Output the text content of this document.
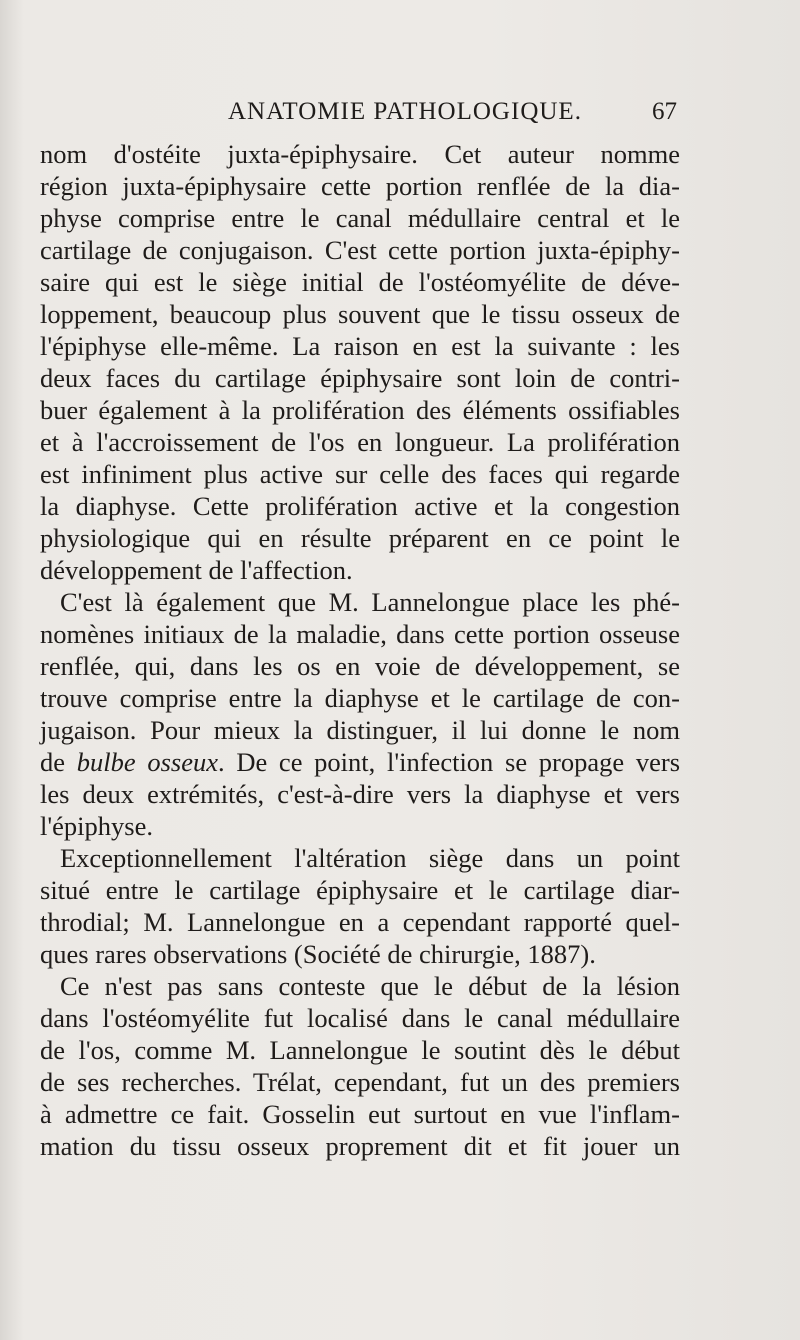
ANATOMIE PATHOLOGIQUE.	67
nom d'ostéite juxta-épiphysaire. Cet auteur nomme
région juxta-épiphysaire cette portion renflée de la dia-
physe comprise entre le canal médullaire central et le
cartilage de conjugaison. C'est cette portion juxta-épiphy-
saire qui est le siège initial de l'ostéomyélite de déve-
loppement, beaucoup plus souvent que le tissu osseux de
l'épiphyse elle-même. La raison en est la suivante : les
deux faces du cartilage épiphysaire sont loin de contri-
buer également à la prolifération des éléments ossifiables
et à l'accroissement de l'os en longueur. La prolifération
est infiniment plus active sur celle des faces qui regarde
la diaphyse. Cette prolifération active et la congestion
physiologique qui en résulte préparent en ce point le
développement de l'affection.
C'est là également que M. Lannelongue place les phé-
nomènes initiaux de la maladie, dans cette portion osseuse
renflée, qui, dans les os en voie de développement, se
trouve comprise entre la diaphyse et le cartilage de con-
jugaison. Pour mieux la distinguer, il lui donne le nom
de bulbe osseux. De ce point, l'infection se propage vers
les deux extrémités, c'est-à-dire vers la diaphyse et vers
l'épiphyse.
Exceptionnellement l'altération siège dans un point
situé entre le cartilage épiphysaire et le cartilage diar-
throdial; M. Lannelongue en a cependant rapporté quel-
ques rares observations (Société de chirurgie, 1887).
Ce n'est pas sans conteste que le début de la lésion
dans l'ostéomyélite fut localisé dans le canal médullaire
de l'os, comme M. Lannelongue le soutint dès le début
de ses recherches. Trélat, cependant, fut un des premiers
à admettre ce fait. Gosselin eut surtout en vue l'inflam-
mation du tissu osseux proprement dit et fit jouer un
